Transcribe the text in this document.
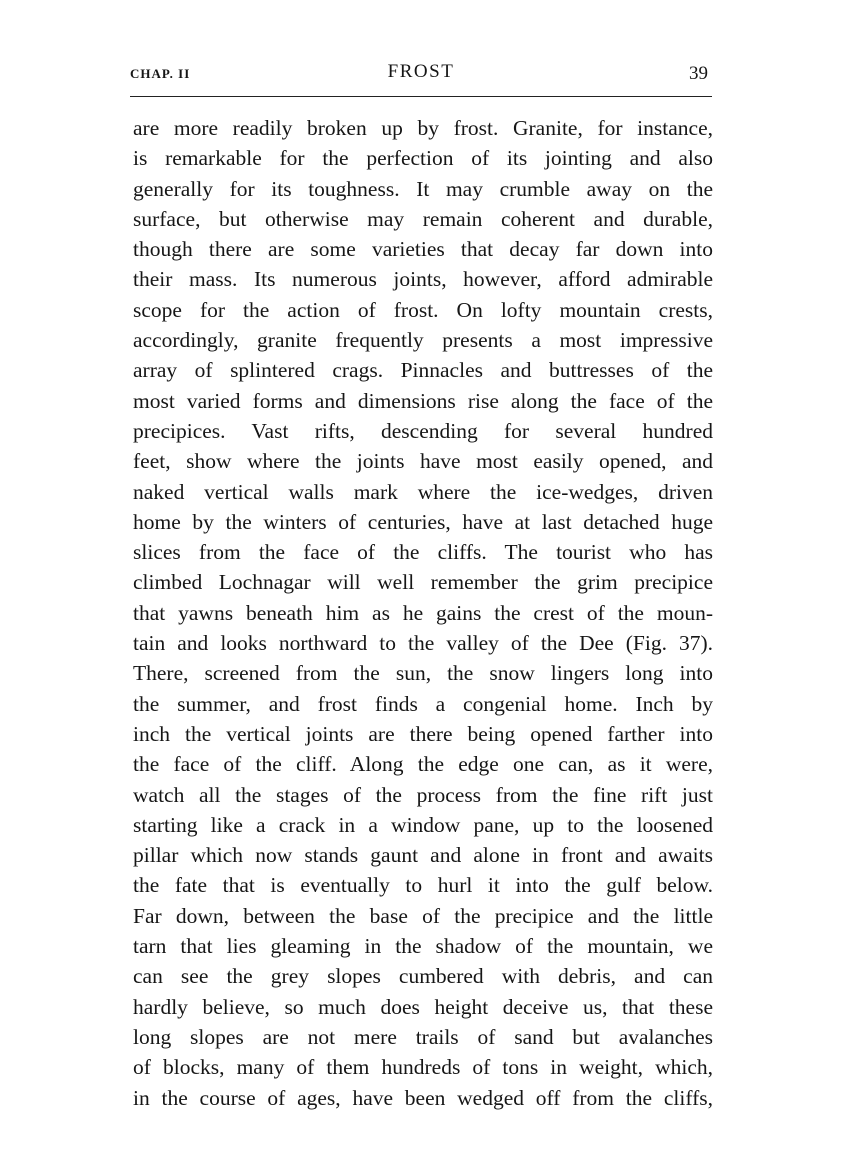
CHAP. II	FROST	39
are more readily broken up by frost. Granite, for instance,
is remarkable for the perfection of its jointing and also
generally for its toughness. It may crumble away on the
surface, but otherwise may remain coherent and durable,
though there are some varieties that decay far down into
their mass. Its numerous joints, however, afford admirable
scope for the action of frost. On lofty mountain crests,
accordingly, granite frequently presents a most impressive
array of splintered crags. Pinnacles and buttresses of the
most varied forms and dimensions rise along the face of the
precipices. Vast rifts, descending for several hundred
feet, show where the joints have most easily opened, and
naked vertical walls mark where the ice-wedges, driven
home by the winters of centuries, have at last detached huge
slices from the face of the cliffs. The tourist who has
climbed Lochnagar will well remember the grim precipice
that yawns beneath him as he gains the crest of the moun-
tain and looks northward to the valley of the Dee (Fig. 37).
There, screened from the sun, the snow lingers long into
the summer, and frost finds a congenial home. Inch by
inch the vertical joints are there being opened farther into
the face of the cliff. Along the edge one can, as it were,
watch all the stages of the process from the fine rift just
starting like a crack in a window pane, up to the loosened
pillar which now stands gaunt and alone in front and awaits
the fate that is eventually to hurl it into the gulf below.
Far down, between the base of the precipice and the little
tarn that lies gleaming in the shadow of the mountain, we
can see the grey slopes cumbered with debris, and can
hardly believe, so much does height deceive us, that these
long slopes are not mere trails of sand but avalanches
of blocks, many of them hundreds of tons in weight, which,
in the course of ages, have been wedged off from the cliffs,
